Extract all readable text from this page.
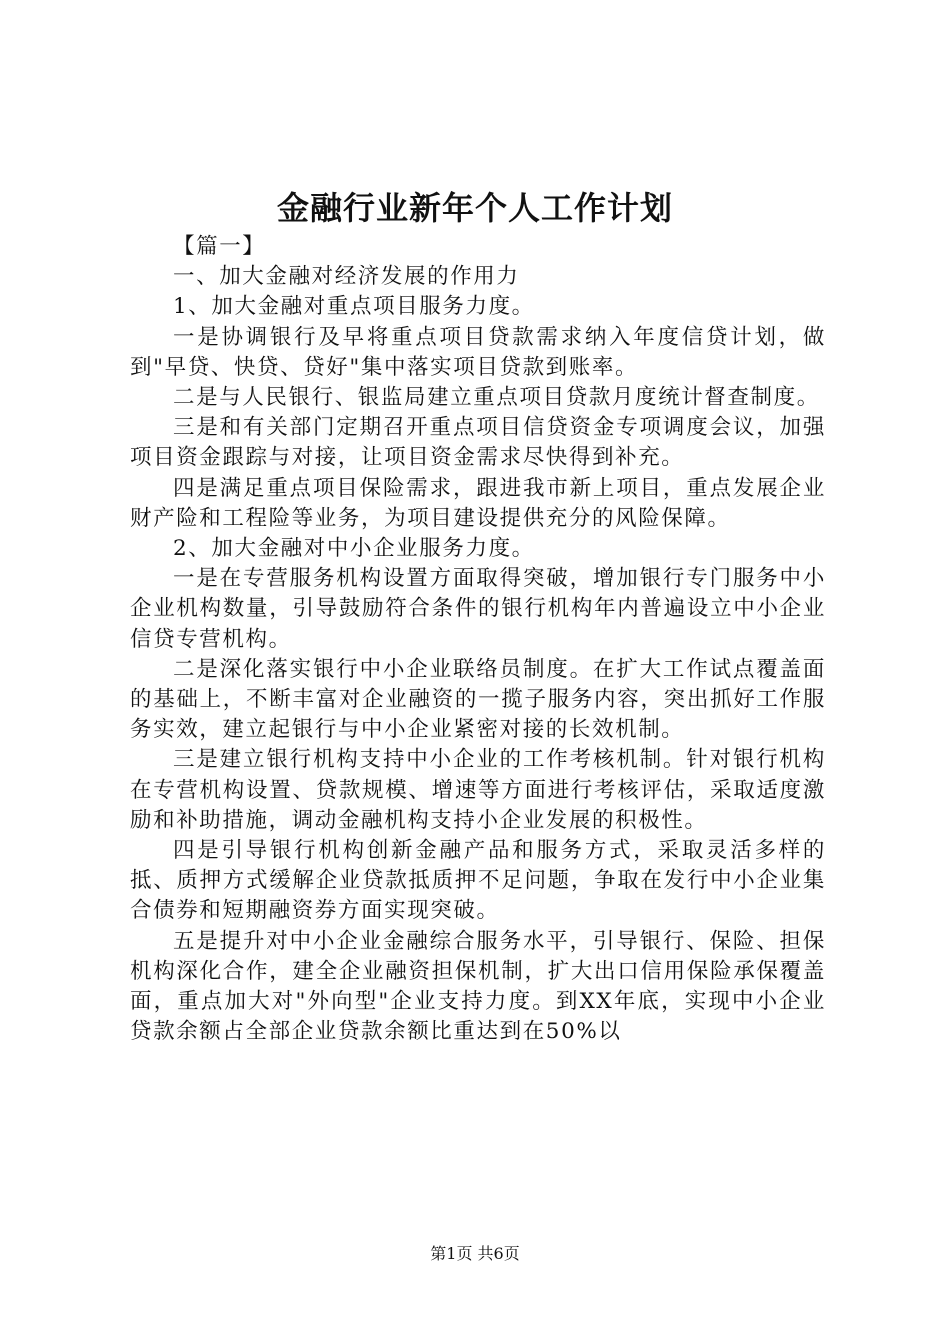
金融行业新年个人工作计划

【篇一】

一、加大金融对经济发展的作用力

1、加大金融对重点项目服务力度。

一是协调银行及早将重点项目贷款需求纳入年度信贷计划，做到"早贷、快贷、贷好"集中落实项目贷款到账率。

二是与人民银行、银监局建立重点项目贷款月度统计督查制度。

三是和有关部门定期召开重点项目信贷资金专项调度会议，加强项目资金跟踪与对接，让项目资金需求尽快得到补充。

四是满足重点项目保险需求，跟进我市新上项目，重点发展企业财产险和工程险等业务，为项目建设提供充分的风险保障。

2、加大金融对中小企业服务力度。

一是在专营服务机构设置方面取得突破，增加银行专门服务中小企业机构数量，引导鼓励符合条件的银行机构年内普遍设立中小企业信贷专营机构。

二是深化落实银行中小企业联络员制度。在扩大工作试点覆盖面的基础上，不断丰富对企业融资的一揽子服务内容，突出抓好工作服务实效，建立起银行与中小企业紧密对接的长效机制。

三是建立银行机构支持中小企业的工作考核机制。针对银行机构在专营机构设置、贷款规模、增速等方面进行考核评估，采取适度激励和补助措施，调动金融机构支持小企业发展的积极性。

四是引导银行机构创新金融产品和服务方式，采取灵活多样的抵、质押方式缓解企业贷款抵质押不足问题，争取在发行中小企业集合债券和短期融资券方面实现突破。

五是提升对中小企业金融综合服务水平，引导银行、保险、担保机构深化合作，建全企业融资担保机制，扩大出口信用保险承保覆盖面，重点加大对"外向型"企业支持力度。到XX年底，实现中小企业贷款余额占全部企业贷款余额比重达到在50%以

第1页 共6页
